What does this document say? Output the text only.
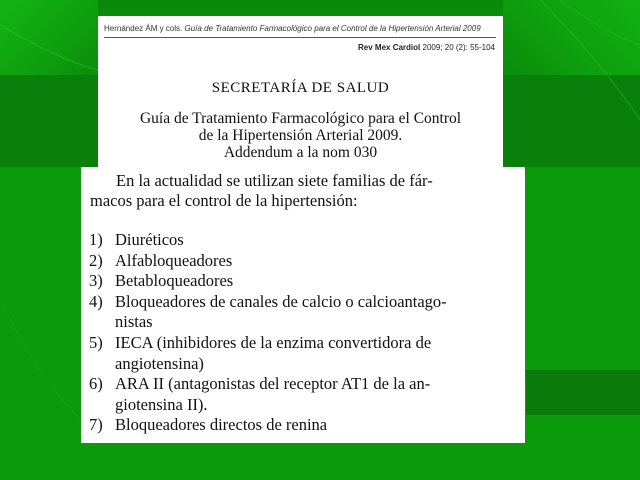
Hernández ÁM y cols. Guía de Tratamiento Farmacológico para el Control de la Hipertensión Arterial 2009
Rev Mex Cardiol 2009; 20 (2): 55-104
SECRETARÍA DE SALUD
Guía de Tratamiento Farmacológico para el Control
de la Hipertensión Arterial 2009.
Addendum a la nom 030
En la actualidad se utilizan siete familias de fár-
macos para el control de la hipertensión:
1) Diuréticos
2) Alfabloqueadores
3) Betabloqueadores
4) Bloqueadores de canales de calcio o calcioantago-
nistas
5) IECA (inhibidores de la enzima convertidora de
angiotensina)
6) ARA II (antagonistas del receptor AT1 de la an-
giotensina II).
7) Bloqueadores directos de renina
